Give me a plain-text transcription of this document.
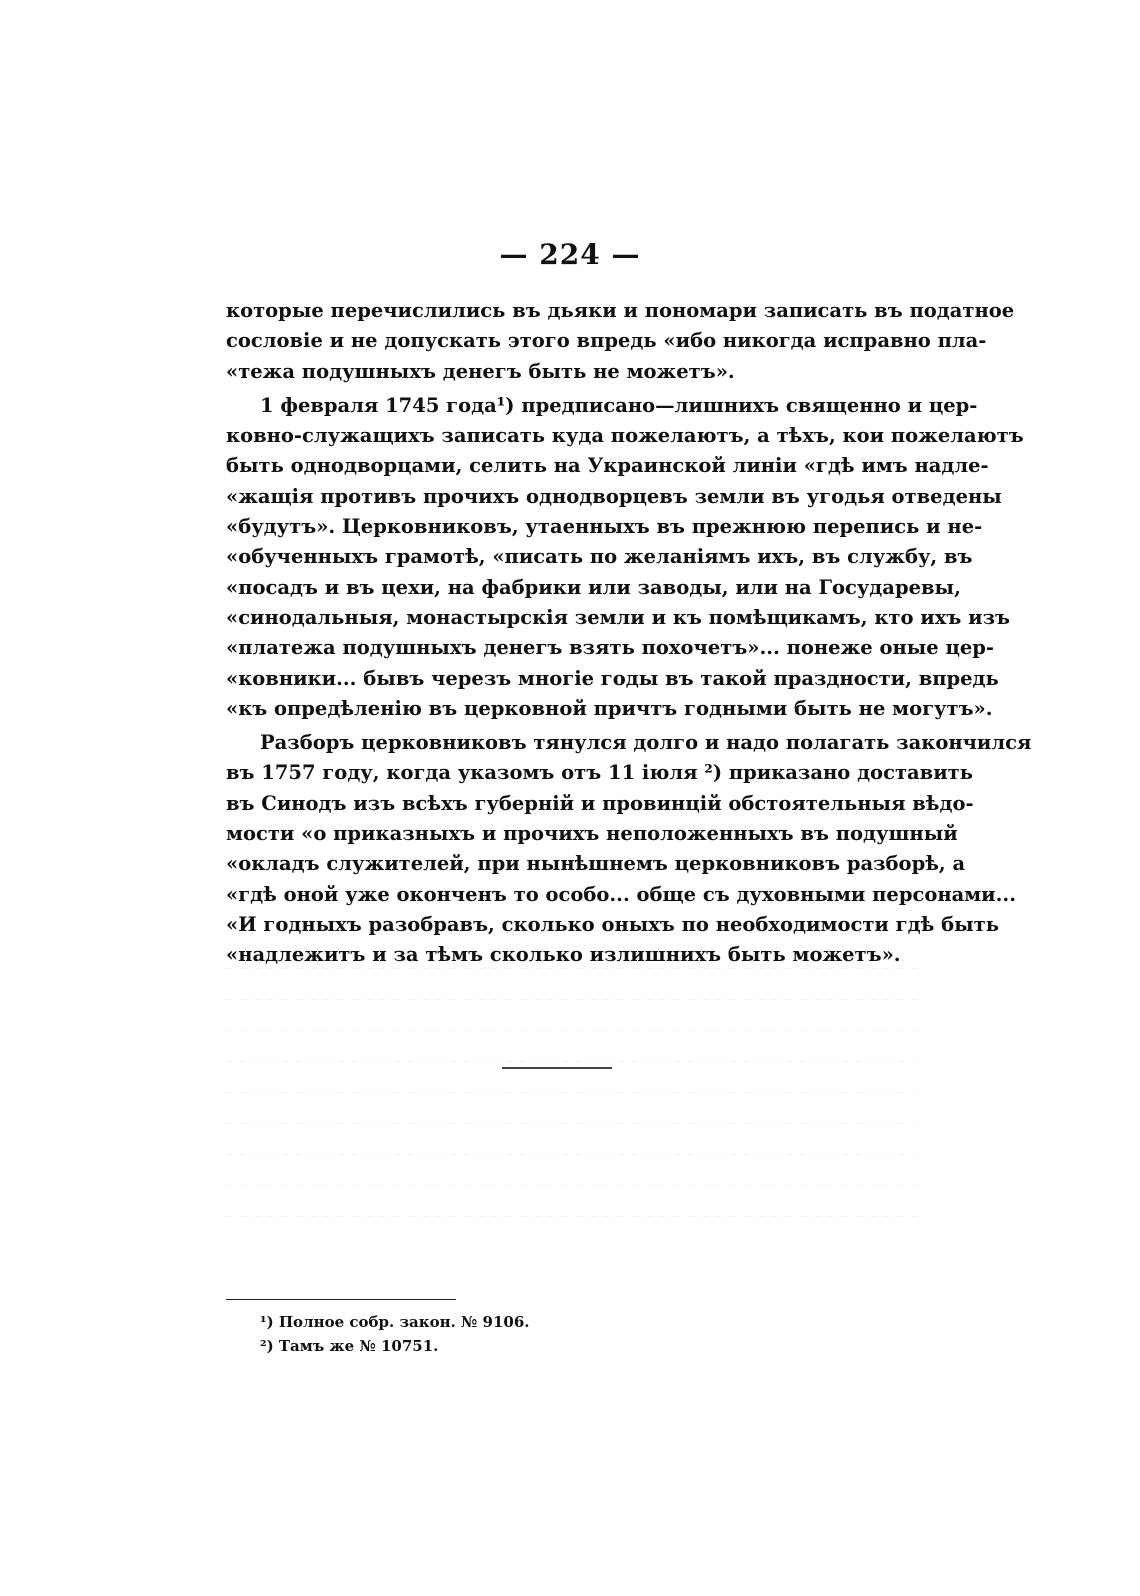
— 224 —
которые перечислились въ дьяки и пономари записать въ податное
сословіе и не допускать этого впредь «ибо никогда исправно пла-
«тежа подушныхъ денегъ быть не можетъ».
1 февраля 1745 года¹) предписано—лишнихъ священно и цер-
ковно-служащихъ записать куда пожелаютъ, а тѣхъ, кои пожелаютъ
быть однодворцами, селить на Украинской линіи «гдѣ имъ надле-
«жащія противъ прочихъ однодворцевъ земли въ угодья отведены
«будутъ». Церковниковъ, утаенныхъ въ прежнюю перепись и не-
«обученныхъ грамотѣ, «писать по желаніямъ ихъ, въ службу, въ
«посадъ и въ цехи, на фабрики или заводы, или на Государевы,
«синодальныя, монастырскія земли и къ помѣщикамъ, кто ихъ изъ
«платежа подушныхъ денегъ взять похочетъ»... понеже оные цер-
«ковники... бывъ черезъ многіе годы въ такой праздности, впредь
«къ опредѣленію въ церковной причтъ годными быть не могутъ».
Разборъ церковниковъ тянулся долго и надо полагать закончился
въ 1757 году, когда указомъ отъ 11 іюля ²) приказано доставить
въ Синодъ изъ всѣхъ губерній и провинцій обстоятельныя вѣдо-
мости «о приказныхъ и прочихъ неположенныхъ въ подушный
«окладъ служителей, при нынѣшнемъ церковниковъ разборѣ, а
«гдѣ оной уже оконченъ то особо... обще съ духовными персонами...
«И годныхъ разобравъ, сколько оныхъ по необходимости гдѣ быть
«надлежитъ и за тѣмъ сколько излишнихъ быть можетъ».
¹) Полное собр. закон. № 9106.
²) Тамъ же № 10751.
